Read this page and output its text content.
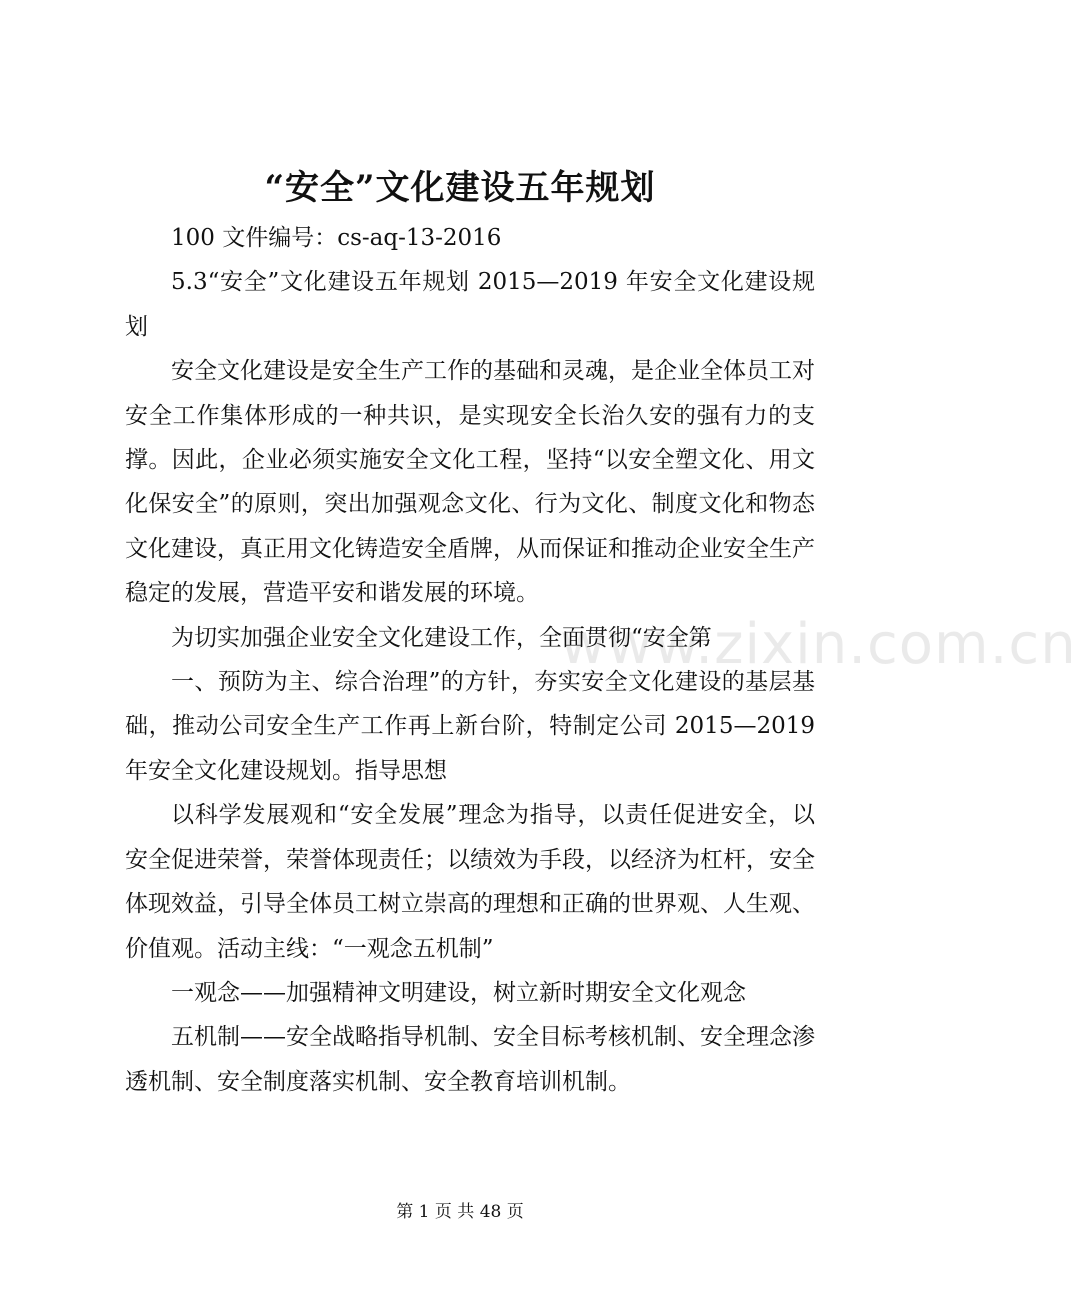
“安全”文化建设五年规划

100 文件编号：cs-aq-13-2016

5.3“安全”文化建设五年规划 2015—2019 年安全文化建设规划

安全文化建设是安全生产工作的基础和灵魂，是企业全体员工对安全工作集体形成的一种共识，是实现安全长治久安的强有力的支撑。因此，企业必须实施安全文化工程，坚持“以安全塑文化、用文化保安全”的原则，突出加强观念文化、行为文化、制度文化和物态文化建设，真正用文化铸造安全盾牌，从而保证和推动企业安全生产稳定的发展，营造平安和谐发展的环境。

为切实加强企业安全文化建设工作，全面贯彻“安全第

一、预防为主、综合治理”的方针，夯实安全文化建设的基层基础，推动公司安全生产工作再上新台阶，特制定公司 2015—2019 年安全文化建设规划。指导思想

以科学发展观和“安全发展”理念为指导，以责任促进安全，以安全促进荣誉，荣誉体现责任；以绩效为手段，以经济为杠杆，安全体现效益，引导全体员工树立崇高的理想和正确的世界观、人生观、价值观。活动主线：“一观念五机制”

一观念——加强精神文明建设，树立新时期安全文化观念

五机制——安全战略指导机制、安全目标考核机制、安全理念渗透机制、安全制度落实机制、安全教育培训机制。

www.zixin.com.cn
第 1 页 共 48 页
